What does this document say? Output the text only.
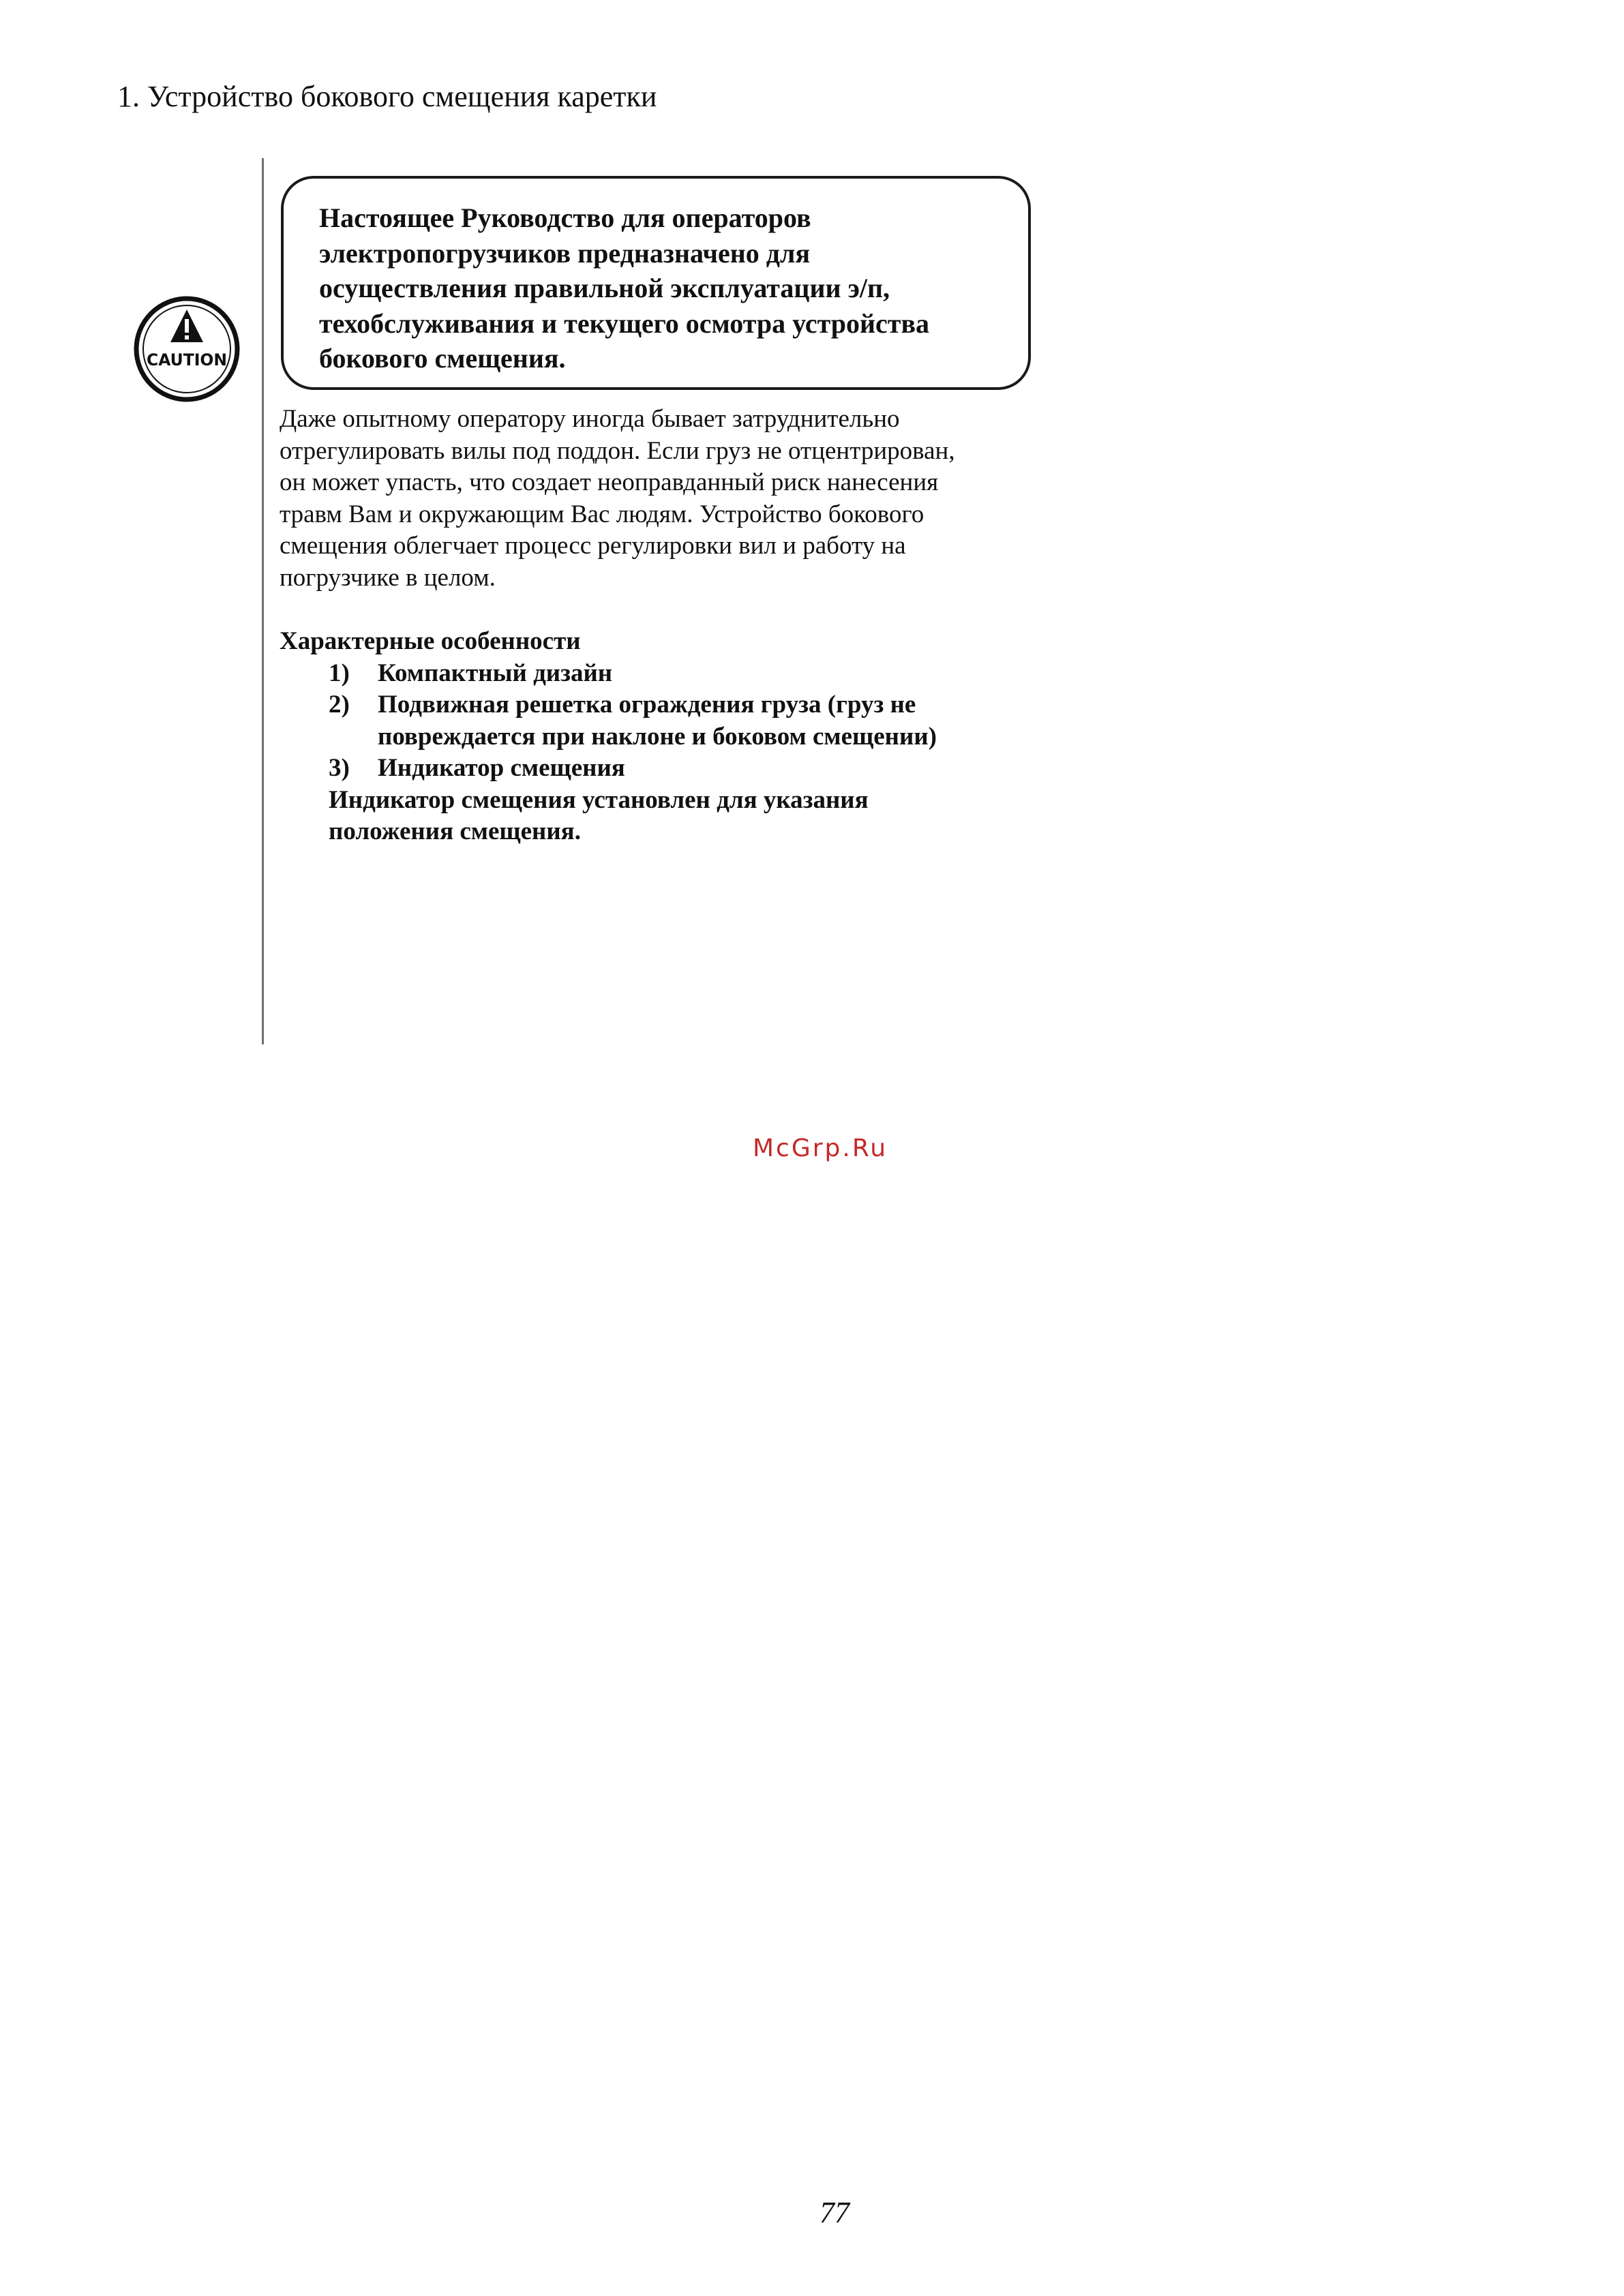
1. Устройство бокового смещения каретки
CAUTION
Настоящее Руководство для операторов
электропогрузчиков предназначено для
осуществления правильной эксплуатации э/п,
техобслуживания и текущего осмотра устройства
бокового смещения.
Даже опытному оператору иногда бывает затруднительно
отрегулировать вилы под поддон. Если груз не отцентрирован,
он может упасть, что создает неоправданный риск нанесения
травм Вам и окружающим Вас людям. Устройство бокового
смещения облегчает процесс регулировки вил и работу на
погрузчике в целом.
Характерные особенности
1) Компактный дизайн
2) Подвижная решетка ограждения груза (груз не
повреждается при наклоне и боковом смещении)
3) Индикатор смещения
Индикатор смещения установлен для указания
положения смещения.
McGrp.Ru
77
